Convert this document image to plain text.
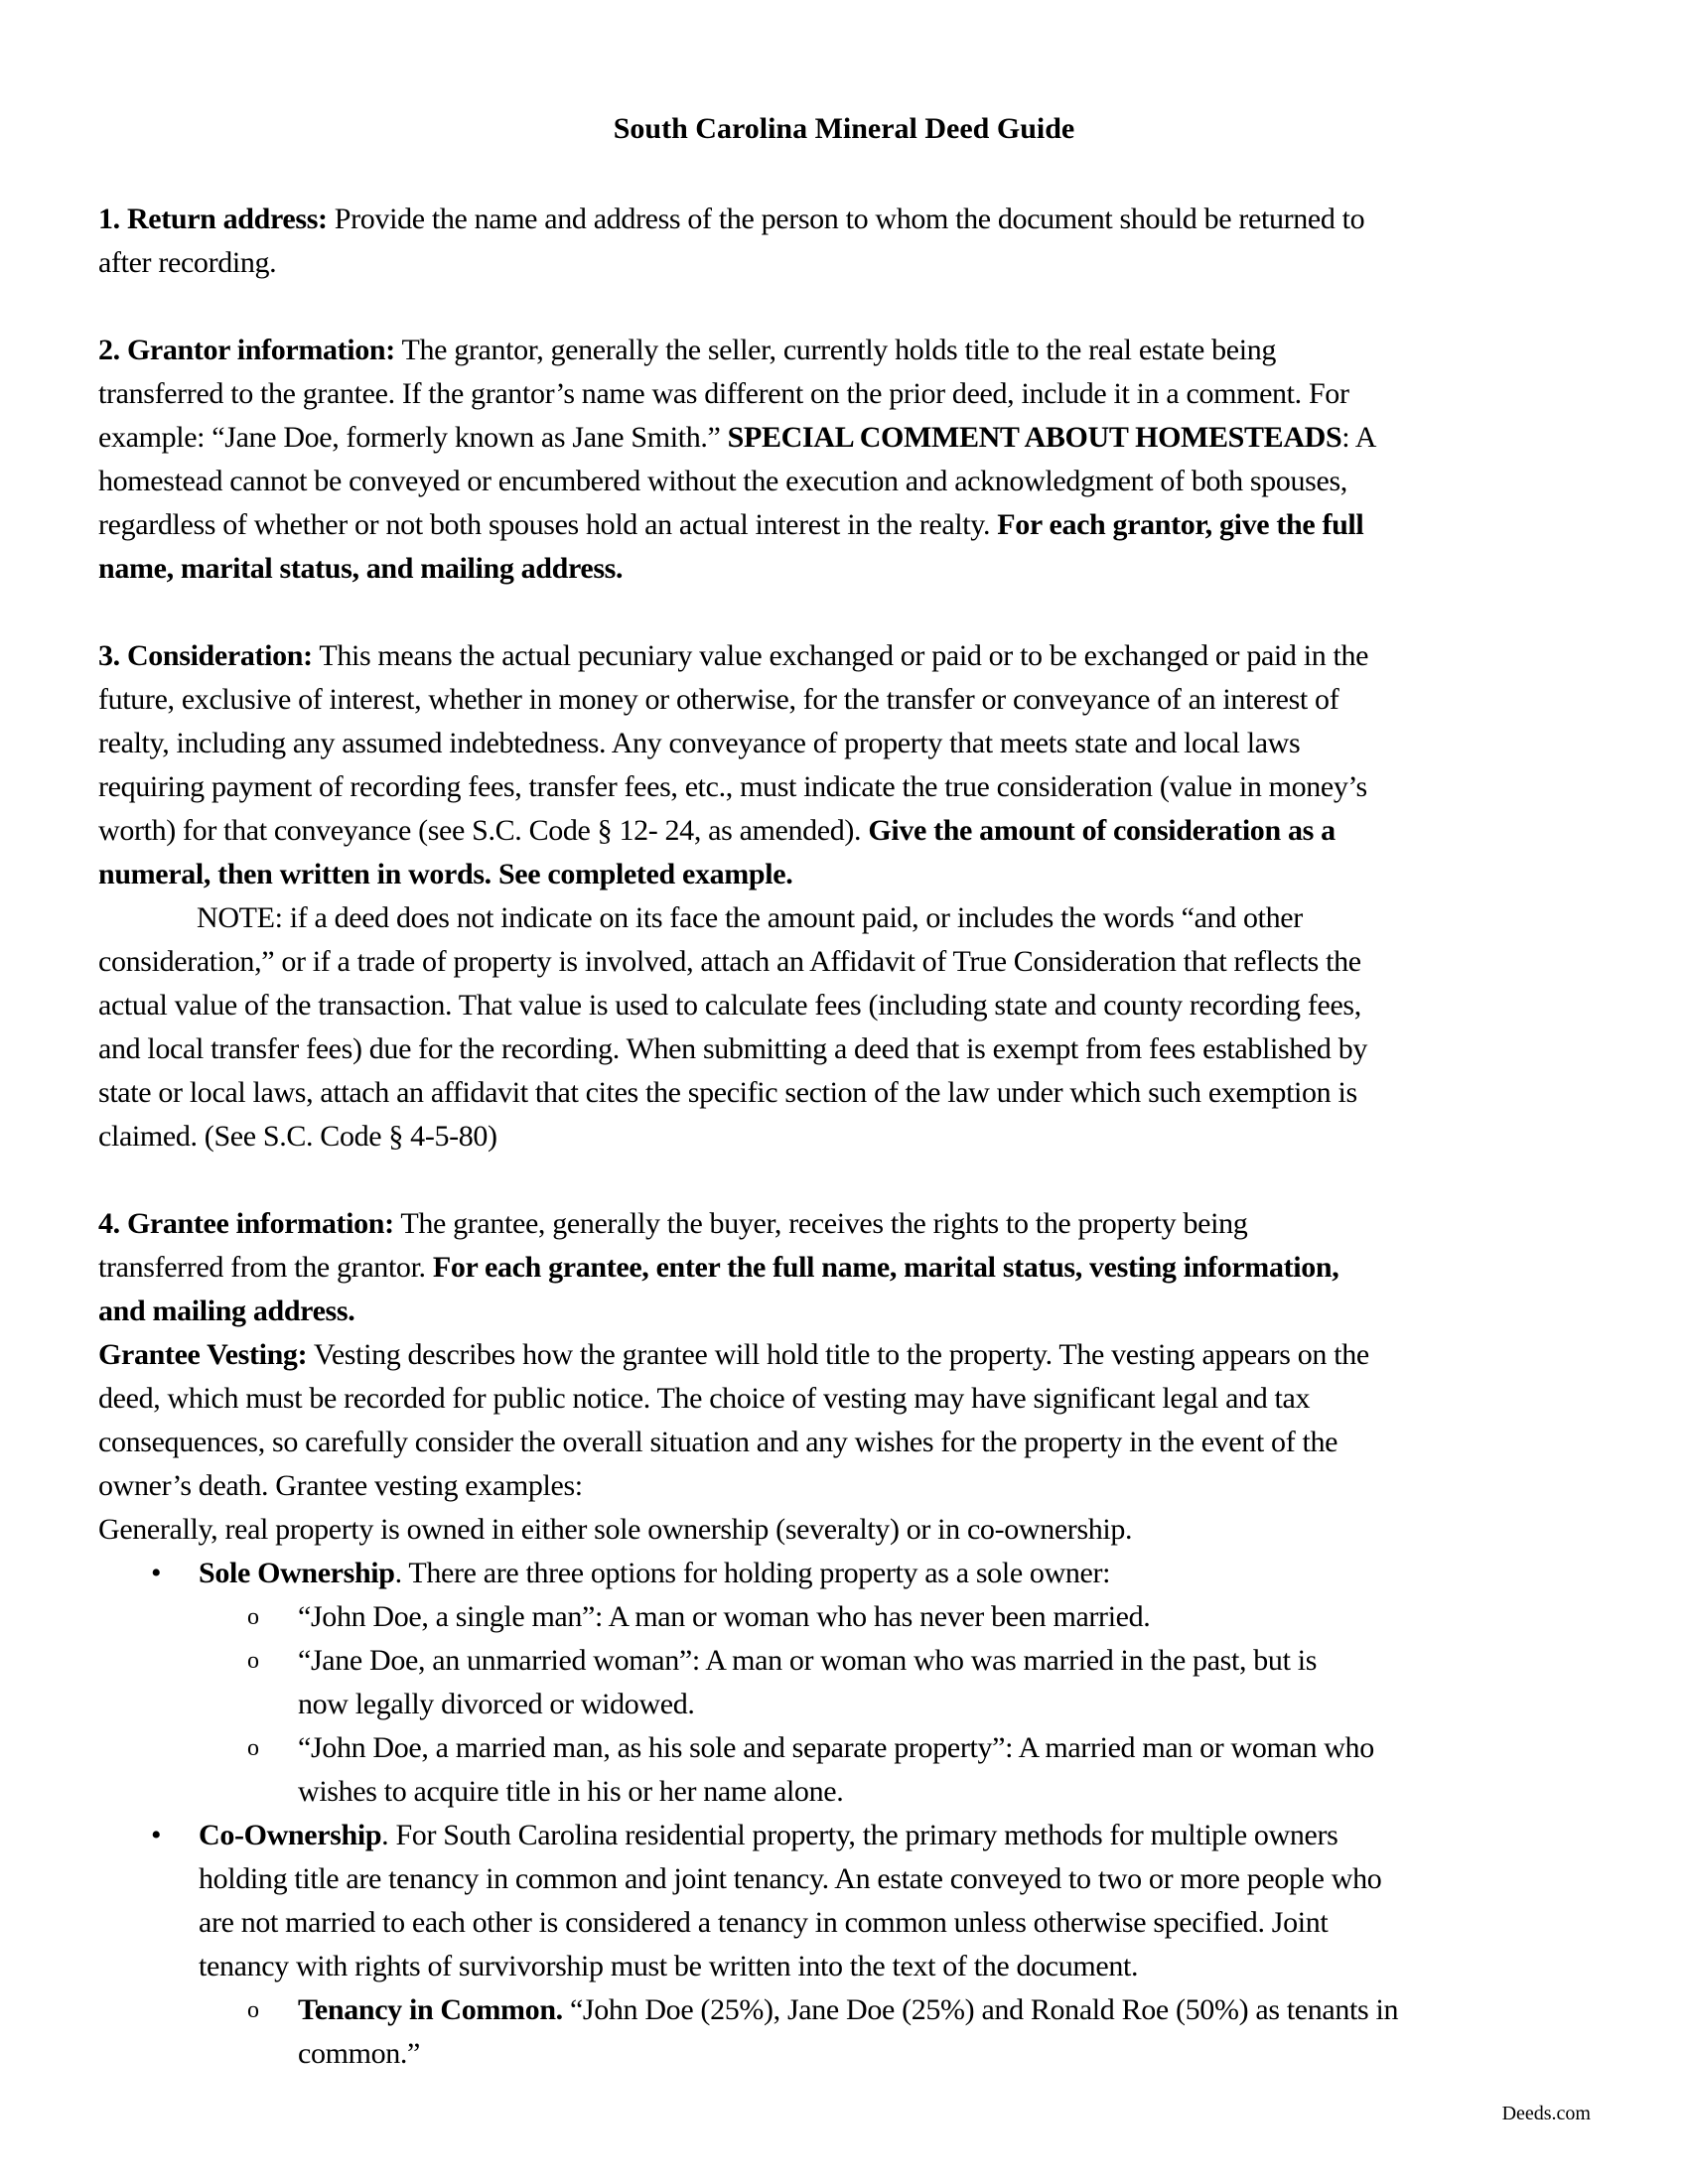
South Carolina Mineral Deed Guide
1. Return address: Provide the name and address of the person to whom the document should be returned to
after recording.
2. Grantor information: The grantor, generally the seller, currently holds title to the real estate being
transferred to the grantee. If the grantor’s name was different on the prior deed, include it in a comment. For
example: “Jane Doe, formerly known as Jane Smith.” SPECIAL COMMENT ABOUT HOMESTEADS: A
homestead cannot be conveyed or encumbered without the execution and acknowledgment of both spouses,
regardless of whether or not both spouses hold an actual interest in the realty. For each grantor, give the full
name, marital status, and mailing address.
3. Consideration: This means the actual pecuniary value exchanged or paid or to be exchanged or paid in the
future, exclusive of interest, whether in money or otherwise, for the transfer or conveyance of an interest of
realty, including any assumed indebtedness. Any conveyance of property that meets state and local laws
requiring payment of recording fees, transfer fees, etc., must indicate the true consideration (value in money’s
worth) for that conveyance (see S.C. Code § 12- 24, as amended). Give the amount of consideration as a
numeral, then written in words. See completed example.
NOTE: if a deed does not indicate on its face the amount paid, or includes the words “and other
consideration,” or if a trade of property is involved, attach an Affidavit of True Consideration that reflects the
actual value of the transaction. That value is used to calculate fees (including state and county recording fees,
and local transfer fees) due for the recording. When submitting a deed that is exempt from fees established by
state or local laws, attach an affidavit that cites the specific section of the law under which such exemption is
claimed. (See S.C. Code § 4-5-80)
4. Grantee information: The grantee, generally the buyer, receives the rights to the property being
transferred from the grantor. For each grantee, enter the full name, marital status, vesting information,
and mailing address.
Grantee Vesting: Vesting describes how the grantee will hold title to the property. The vesting appears on the
deed, which must be recorded for public notice. The choice of vesting may have significant legal and tax
consequences, so carefully consider the overall situation and any wishes for the property in the event of the
owner’s death. Grantee vesting examples:
Generally, real property is owned in either sole ownership (severalty) or in co-ownership.
• Sole Ownership. There are three options for holding property as a sole owner:
o “John Doe, a single man”: A man or woman who has never been married.
o “Jane Doe, an unmarried woman”: A man or woman who was married in the past, but is
now legally divorced or widowed.
o “John Doe, a married man, as his sole and separate property”: A married man or woman who
wishes to acquire title in his or her name alone.
• Co-Ownership. For South Carolina residential property, the primary methods for multiple owners
holding title are tenancy in common and joint tenancy. An estate conveyed to two or more people who
are not married to each other is considered a tenancy in common unless otherwise specified. Joint
tenancy with rights of survivorship must be written into the text of the document.
o Tenancy in Common. “John Doe (25%), Jane Doe (25%) and Ronald Roe (50%) as tenants in
common.”
Deeds.com
